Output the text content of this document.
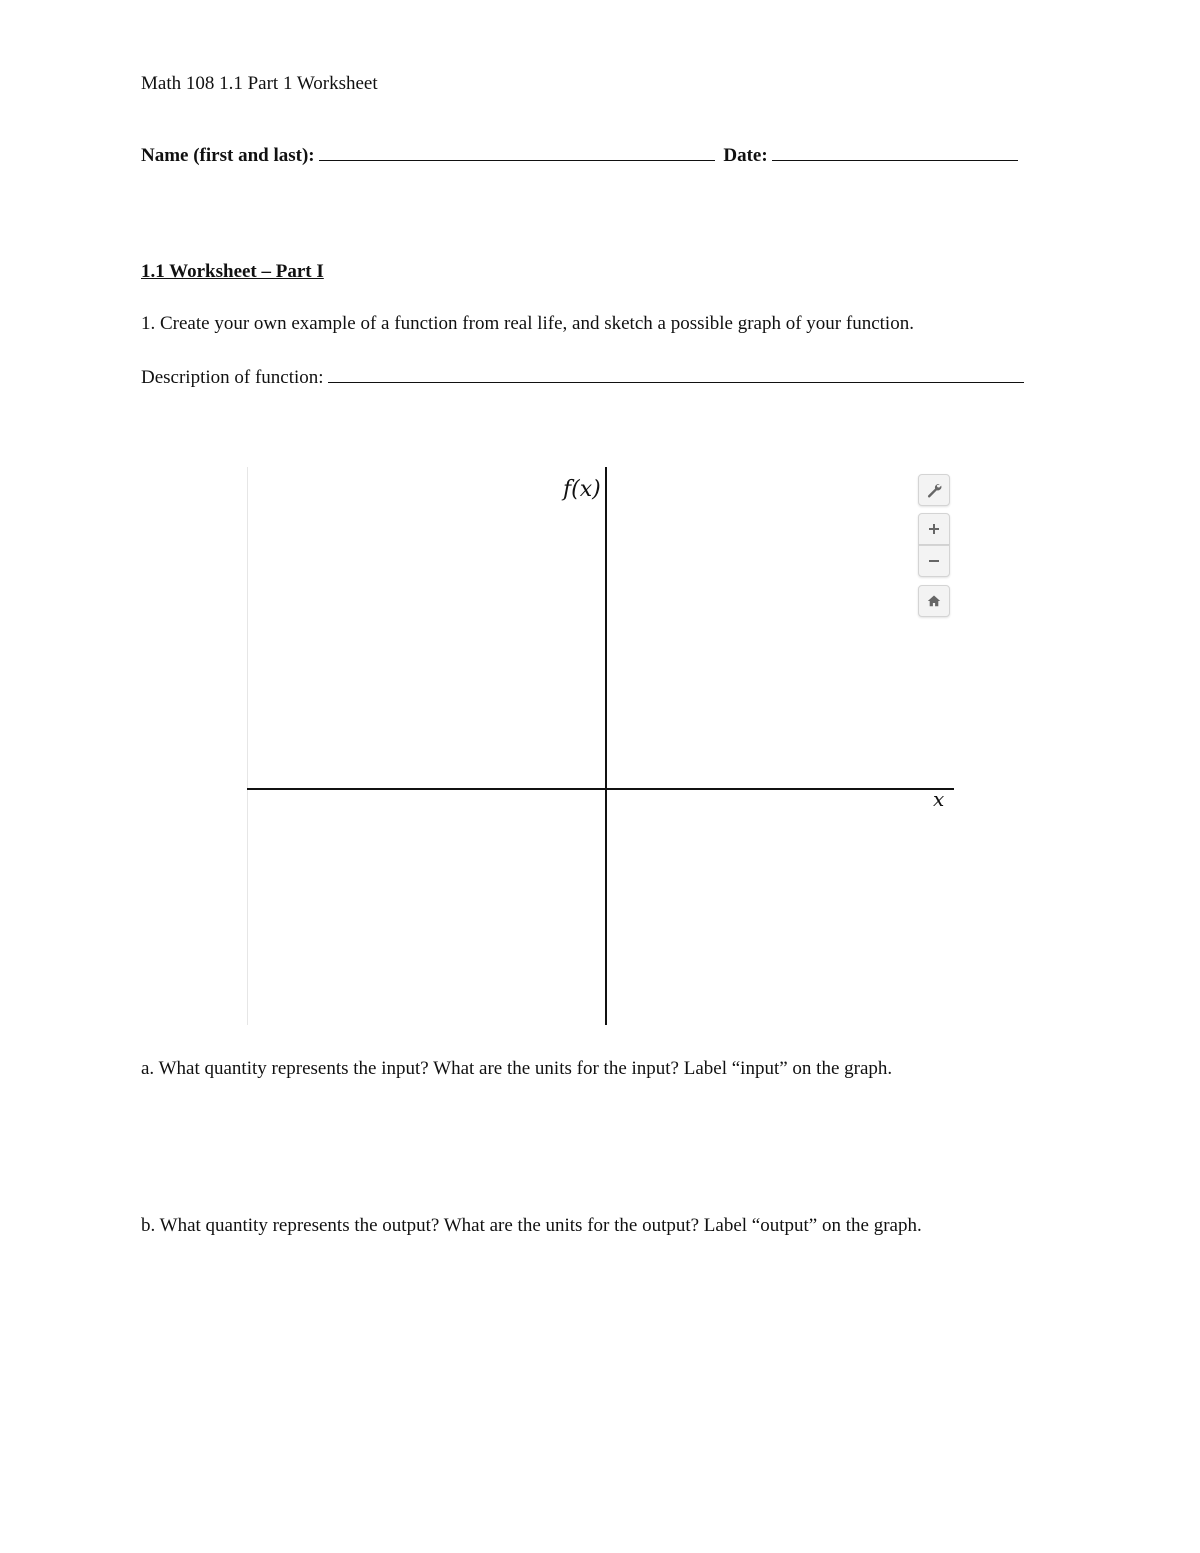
Math 108 1.1 Part 1 Worksheet
Name (first and last):	Date:
1.1 Worksheet – Part I
1. Create your own example of a function from real life, and sketch a possible graph of your function.
Description of function:
f(x)
x
a. What quantity represents the input? What are the units for the input? Label “input” on the graph.
b. What quantity represents the output? What are the units for the output? Label “output” on the graph.
